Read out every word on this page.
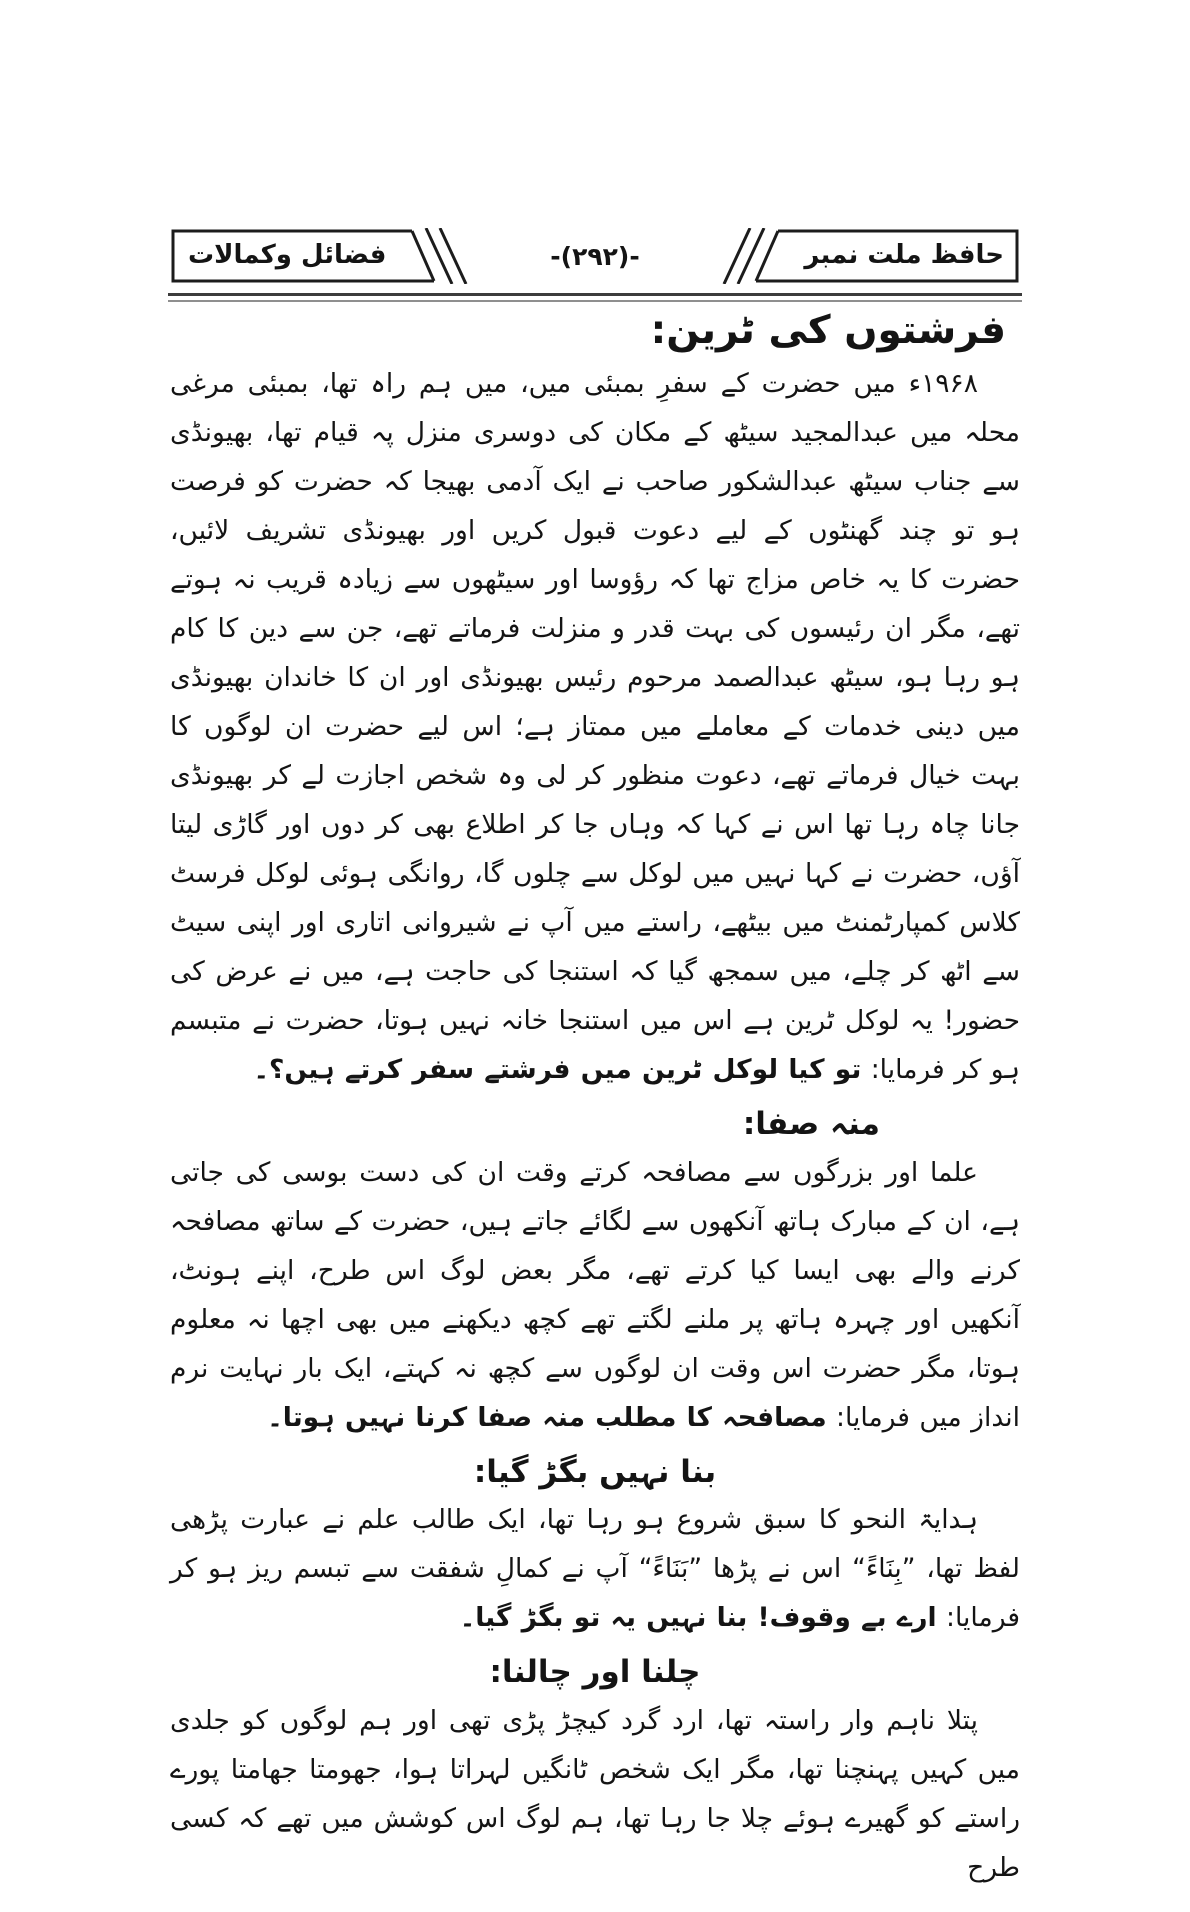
فضائل وکمالات	-(۲۹۲)-	حافظ ملت نمبر
فرشتوں کی ٹرین:

۱۹۶۸ء میں حضرت کے سفرِ بمبئی میں، میں ہم راہ تھا، بمبئی مرغی محلہ میں عبدالمجید سیٹھ کے مکان کی دوسری منزل پہ قیام تھا، بھیونڈی سے جناب سیٹھ عبدالشکور صاحب نے ایک آدمی بھیجا کہ حضرت کو فرصت ہو تو چند گھنٹوں کے لیے دعوت قبول کریں اور بھیونڈی تشریف لائیں، حضرت کا یہ خاص مزاج تھا کہ رؤوسا اور سیٹھوں سے زیادہ قریب نہ ہوتے تھے، مگر ان رئیسوں کی بہت قدر و منزلت فرماتے تھے، جن سے دین کا کام ہو رہا ہو، سیٹھ عبدالصمد مرحوم رئیس بھیونڈی اور ان کا خاندان بھیونڈی میں دینی خدمات کے معاملے میں ممتاز ہے؛ اس لیے حضرت ان لوگوں کا بہت خیال فرماتے تھے، دعوت منظور کر لی وہ شخص اجازت لے کر بھیونڈی جانا چاہ رہا تھا اس نے کہا کہ وہاں جا کر اطلاع بھی کر دوں اور گاڑی لیتا آؤں، حضرت نے کہا نہیں میں لوکل سے چلوں گا، روانگی ہوئی لوکل فرسٹ کلاس کمپارٹمنٹ میں بیٹھے، راستے میں آپ نے شیروانی اتاری اور اپنی سیٹ سے اٹھ کر چلے، میں سمجھ گیا کہ استنجا کی حاجت ہے، میں نے عرض کی حضور! یہ لوکل ٹرین ہے اس میں استنجا خانہ نہیں ہوتا، حضرت نے متبسم ہو کر فرمایا: تو کیا لوکل ٹرین میں فرشتے سفر کرتے ہیں؟۔

منہ صفا:

علما اور بزرگوں سے مصافحہ کرتے وقت ان کی دست بوسی کی جاتی ہے، ان کے مبارک ہاتھ آنکھوں سے لگائے جاتے ہیں، حضرت کے ساتھ مصافحہ کرنے والے بھی ایسا کیا کرتے تھے، مگر بعض لوگ اس طرح، اپنے ہونٹ، آنکھیں اور چہرہ ہاتھ پر ملنے لگتے تھے کچھ دیکھنے میں بھی اچھا نہ معلوم ہوتا، مگر حضرت اس وقت ان لوگوں سے کچھ نہ کہتے، ایک بار نہایت نرم انداز میں فرمایا: مصافحہ کا مطلب منہ صفا کرنا نہیں ہوتا۔

بنا نہیں بگڑ گیا:

ہدایۃ النحو کا سبق شروع ہو رہا تھا، ایک طالب علم نے عبارت پڑھی لفظ تھا، ”بِنَاءً“ اس نے پڑھا ”بَنَاءً“ آپ نے کمالِ شفقت سے تبسم ریز ہو کر فرمایا: ارے بے وقوف! بنا نہیں یہ تو بگڑ گیا۔

چلنا اور چالنا:

پتلا ناہم وار راستہ تھا، ارد گرد کیچڑ پڑی تھی اور ہم لوگوں کو جلدی میں کہیں پہنچنا تھا، مگر ایک شخص ٹانگیں لہراتا ہوا، جھومتا جھامتا پورے راستے کو گھیرے ہوئے چلا جا رہا تھا، ہم لوگ اس کوشش میں تھے کہ کسی طرح
